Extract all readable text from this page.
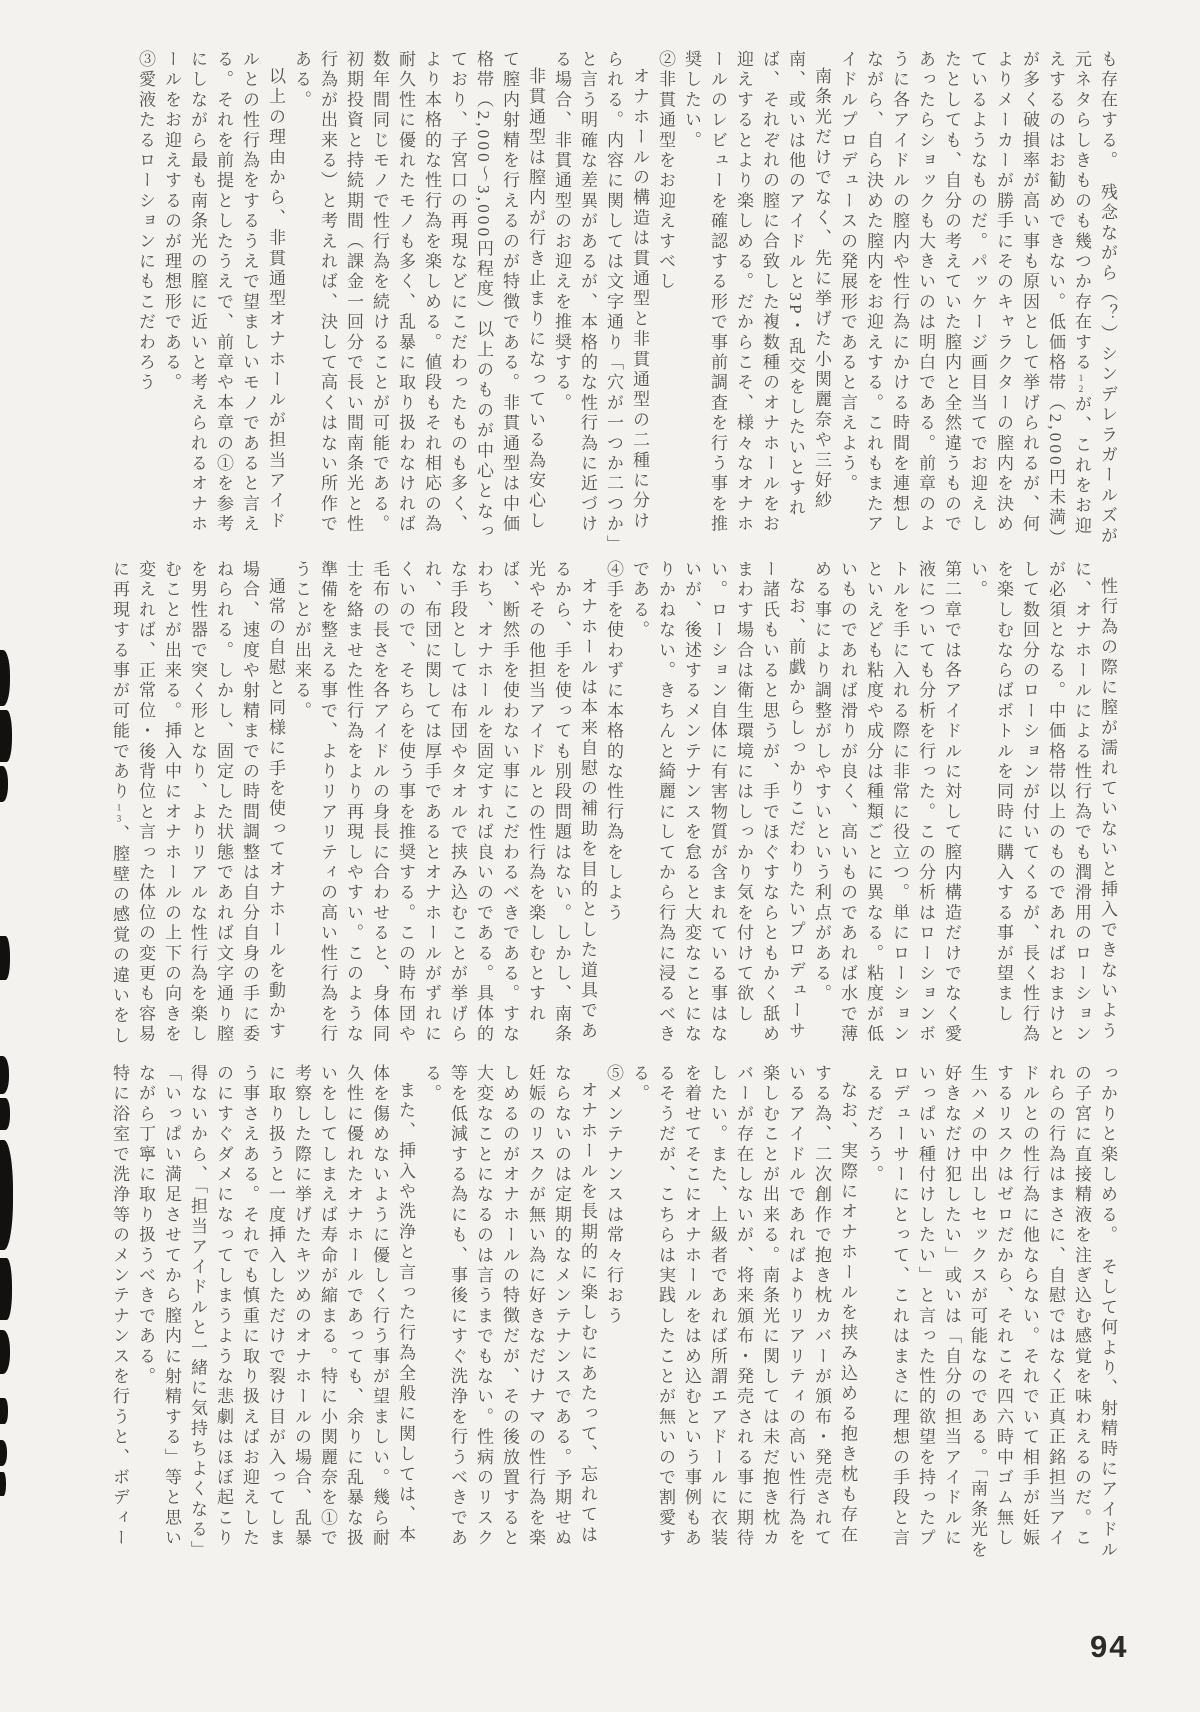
も存在する。　残念ながら（？）シンデレラガールズが元ネタらしきものも幾つか存在する12が、これをお迎えするのはお勧めできない。低価格帯（2,000円未満）が多く破損率が高い事も原因として挙げられるが、何よりメーカーが勝手にそのキャラクターの膣内を決めているようなものだ。パッケージ画目当てでお迎えしたとしても、自分の考えていた膣内と全然違うものであったらショックも大きいのは明白である。前章のように各アイドルの膣内や性行為にかける時間を連想しながら、自ら決めた膣内をお迎えする。これもまたアイドルプロデュースの発展形であると言えよう。

南条光だけでなく、先に挙げた小関麗奈や三好紗南、或いは他のアイドルと3P・乱交をしたいとすれば、それぞれの膣に合致した複数種のオナホールをお迎えするとより楽しめる。だからこそ、様々なオナホールのレビューを確認する形で事前調査を行う事を推奨したい。

②非貫通型をお迎えすべし

オナホールの構造は貫通型と非貫通型の二種に分けられる。内容に関しては文字通り「穴が一つか二つか」と言う明確な差異があるが、本格的な性行為に近づける場合、非貫通型のお迎えを推奨する。

非貫通型は膣内が行き止まりになっている為安心して膣内射精を行えるのが特徴である。非貫通型は中価格帯（2,000～3,000円程度）以上のものが中心となっており、子宮口の再現などにこだわったものも多く、より本格的な性行為を楽しめる。値段もそれ相応の為耐久性に優れたモノも多く、乱暴に取り扱わなければ数年間同じモノで性行為を続けることが可能である。初期投資と持続期間（課金一回分で長い間南条光と性行為が出来る）と考えれば、決して高くはない所作である。

以上の理由から、非貫通型オナホールが担当アイドルとの性行為をするうえで望ましいモノであると言える。それを前提としたうえで、前章や本章の①を参考にしながら最も南条光の膣に近いと考えられるオナホールをお迎えするのが理想形である。

③愛液たるローションにもこだわろう

性行為の際に膣が濡れていないと挿入できないように、オナホールによる性行為でも潤滑用のローションが必須となる。中価格帯以上のものであればおまけとして数回分のローションが付いてくるが、長く性行為を楽しむならばボトルを同時に購入する事が望ましい。

第二章では各アイドルに対して膣内構造だけでなく愛液についても分析を行った。この分析はローションボトルを手に入れる際に非常に役立つ。単にローションといえども粘度や成分は種類ごとに異なる。粘度が低いものであれば滑りが良く、高いものであれば水で薄める事により調整がしやすいという利点がある。

なお、前戯からしっかりこだわりたいプロデューサー諸氏もいると思うが、手でほぐすならともかく舐めまわす場合は衛生環境にはしっかり気を付けて欲しい。ローション自体に有害物質が含まれている事はないが、後述するメンテナンスを怠ると大変なことになりかねない。きちんと綺麗にしてから行為に浸るべきである。

④手を使わずに本格的な性行為をしよう

オナホールは本来自慰の補助を目的とした道具であるから、手を使っても別段問題はない。しかし、南条光やその他担当アイドルとの性行為を楽しむとすれば、断然手を使わない事にこだわるべきである。すなわち、オナホールを固定すれば良いのである。具体的な手段としては布団やタオルで挟み込むことが挙げられ、布団に関しては厚手であるとオナホールがずれにくいので、そちらを使う事を推奨する。この時布団や毛布の長さを各アイドルの身長に合わせると、身体同士を絡ませた性行為をより再現しやすい。このような準備を整える事で、よりリアリティの高い性行為を行うことが出来る。

通常の自慰と同様に手を使ってオナホールを動かす場合、速度や射精までの時間調整は自分自身の手に委ねられる。しかし、固定した状態であれば文字通り膣を男性器で突く形となり、よりリアルな性行為を楽しむことが出来る。挿入中にオナホールの上下の向きを変えれば、正常位・後背位と言った体位の変更も容易に再現する事が可能であり13、膣壁の感覚の違いをし

っかりと楽しめる。　そして何より、射精時にアイドルの子宮に直接精液を注ぎ込む感覚を味わえるのだ。これらの行為はまさに、自慰ではなく正真正銘担当アイドルとの性行為に他ならない。それでいて相手が妊娠するリスクはゼロだから、それこそ四六時中ゴム無し生ハメの中出しセックスが可能なのである。「南条光を好きなだけ犯したい」或いは「自分の担当アイドルにいっぱい種付けしたい」と言った性的欲望を持ったプロデューサーにとって、これはまさに理想の手段と言えるだろう。

なお、実際にオナホールを挟み込める抱き枕も存在する為、二次創作で抱き枕カバーが頒布・発売されているアイドルであればよりリアリティの高い性行為を楽しむことが出来る。南条光に関しては未だ抱き枕カバーが存在しないが、将来頒布・発売される事に期待したい。また、上級者であれば所謂エアドールに衣装を着せてそこにオナホールをはめ込むという事例もあるそうだが、こちらは実践したことが無いので割愛する。

⑤メンテナンスは常々行おう

オナホールを長期的に楽しむにあたって、忘れてはならないのは定期的なメンテナンスである。予期せぬ妊娠のリスクが無い為に好きなだけナマの性行為を楽しめるのがオナホールの特徴だが、その後放置すると大変なことになるのは言うまでもない。性病のリスク等を低減する為にも、事後にすぐ洗浄を行うべきである。

また、挿入や洗浄と言った行為全般に関しては、本体を傷めないように優しく行う事が望ましい。幾ら耐久性に優れたオナホールであっても、余りに乱暴な扱いをしてしまえば寿命が縮まる。特に小関麗奈を①で考察した際に挙げたキツめのオナホールの場合、乱暴に取り扱うと一度挿入しただけで裂け目が入ってしまう事さえある。それでも慎重に取り扱えばお迎えしたのにすぐダメになってしまうような悲劇はほぼ起こり得ないから、「担当アイドルと一緒に気持ちよくなる」「いっぱい満足させてから膣内に射精する」等と思いながら丁寧に取り扱うべきである。

特に浴室で洗浄等のメンテナンスを行うと、ボディー

94
